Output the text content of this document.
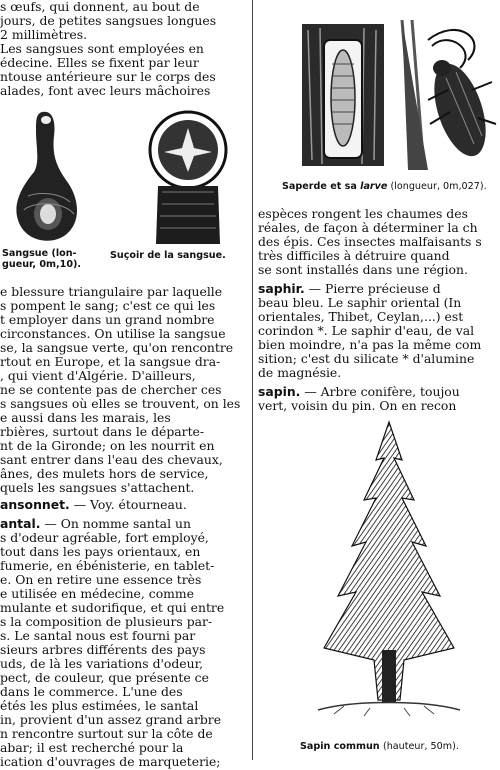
s œufs, qui donnent, au bout de
jours, de petites sangsues longues
2 millimètres.
Les sangsues sont employées en
édecine. Elles se fixent par leur
ntouse antérieure sur le corps des
alades, font avec leurs mâchoires
Sangsue (lon-
gueur, 0m,10).
Suçoir de la sangsue.
e blessure triangulaire par laquelle
s pompent le sang; c'est ce qui les
t employer dans un grand nombre
circonstances. On utilise la sangsue
se, la sangsue verte, qu'on rencontre
rtout en Europe, et la sangsue dra-
, qui vient d'Algérie. D'ailleurs,
ne se contente pas de chercher ces
s sangsues où elles se trouvent, on les
e aussi dans les marais, les
rbières, surtout dans le départe-
nt de la Gironde; on les nourrit en
sant entrer dans l'eau des chevaux,
ânes, des mulets hors de service,
quels les sangsues s'attachent.
ansonnet. — Voy. étourneau.
antal. — On nomme santal un
s d'odeur agréable, fort employé,
tout dans les pays orientaux, en
fumerie, en ébénisterie, en tablet-
e. On en retire une essence très
e utilisée en médecine, comme
mulante et sudorifique, et qui entre
s la composition de plusieurs par-
s. Le santal nous est fourni par
sieurs arbres différents des pays
uds, de là les variations d'odeur,
pect, de couleur, que présente ce
dans le commerce. L'une des
étés les plus estimées, le santal
in, provient d'un assez grand arbre
n rencontre surtout sur la côte de
abar; il est recherché pour la
ication d'ouvrages de marqueterie;
Saperde et sa larve (longueur, 0m,027).
espèces rongent les chaumes des
réales, de façon à déterminer la ch
des épis. Ces insectes malfaisants s
très difficiles à détruire quand
se sont installés dans une région.
saphir. — Pierre précieuse d
beau bleu. Le saphir oriental (In
orientales, Thibet, Ceylan,...) est
corindon *. Le saphir d'eau, de val
bien moindre, n'a pas la même com
sition; c'est du silicate * d'alumine
de magnésie.
sapin. — Arbre conifère, toujou
vert, voisin du pin. On en recon
Sapin commun (hauteur, 50m).
